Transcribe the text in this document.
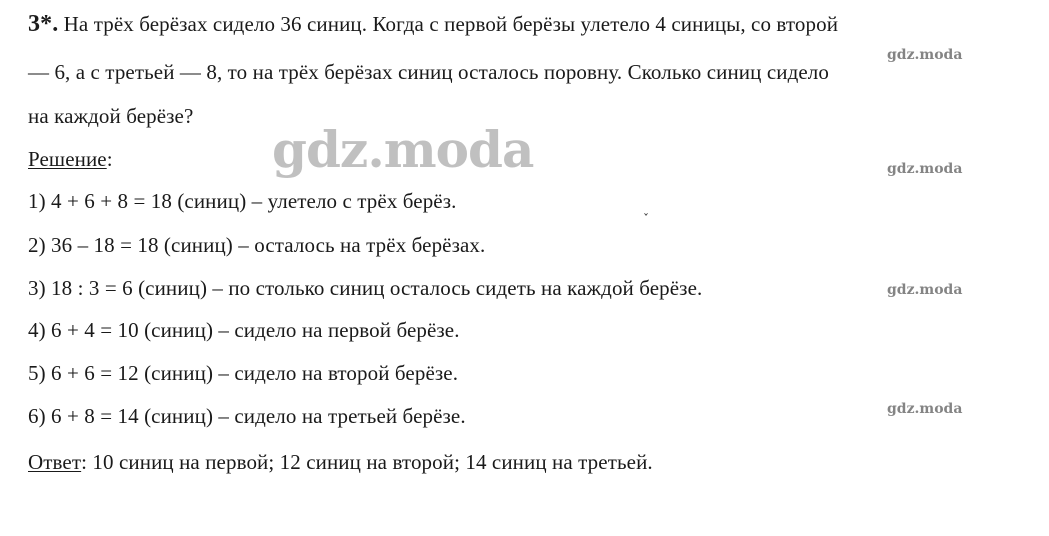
3*. На трёх берёзах сидело 36 синиц. Когда с первой берёзы улетело 4 синицы, со второй
— 6, а с третьей — 8, то на трёх берёзах синиц осталось поровну. Сколько синиц сидело
на каждой берёзе?
Решение:
1) 4 + 6 + 8 = 18 (синиц) – улетело с трёх берёз.
2) 36 – 18 = 18 (синиц) – осталось на трёх берёзах.
3) 18 : 3 = 6 (синиц) – по столько синиц осталось сидеть на каждой берёзе.
4) 6 + 4 = 10 (синиц) – сидело на первой берёзе.
5) 6 + 6 = 12 (синиц) – сидело на второй берёзе.
6) 6 + 8 = 14 (синиц) – сидело на третьей берёзе.
Ответ: 10 синиц на первой; 12 синиц на второй; 14 синиц на третьей.
gdz.moda
gdz.moda
gdz.moda
gdz.moda
gdz.moda
ˇ
